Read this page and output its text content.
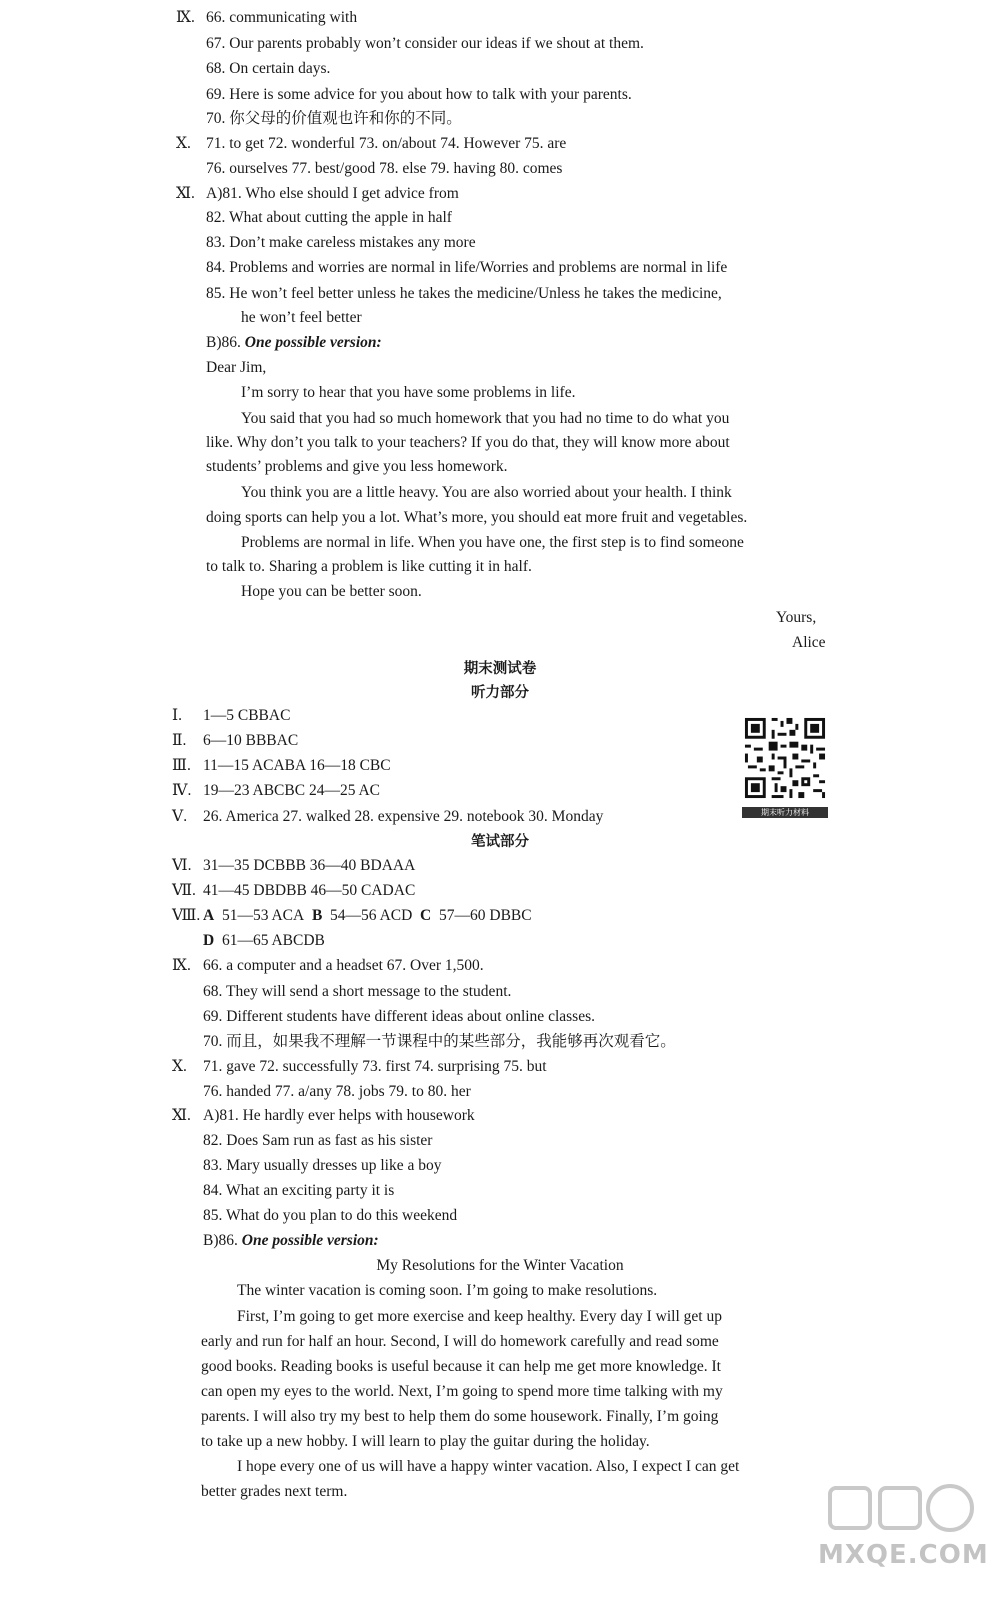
Ⅸ. 66. communicating with
67. Our parents probably won’t consider our ideas if we shout at them.
68. On certain days.
69. Here is some advice for you about how to talk with your parents.
70. 你父母的价值观也许和你的不同。
Ⅹ. 71. to get 72. wonderful 73. on/about 74. However 75. are
76. ourselves 77. best/good 78. else 79. having 80. comes
Ⅺ. A)81. Who else should I get advice from
82. What about cutting the apple in half
83. Don’t make careless mistakes any more
84. Problems and worries are normal in life/Worries and problems are normal in life
85. He won’t feel better unless he takes the medicine/Unless he takes the medicine,
he won’t feel better
B)86. One possible version:
Dear Jim,
I’m sorry to hear that you have some problems in life.
You said that you had so much homework that you had no time to do what you
like. Why don’t you talk to your teachers? If you do that, they will know more about
students’ problems and give you less homework.
You think you are a little heavy. You are also worried about your health. I think
doing sports can help you a lot. What’s more, you should eat more fruit and vegetables.
Problems are normal in life. When you have one, the first step is to find someone
to talk to. Sharing a problem is like cutting it in half.
Hope you can be better soon.
Yours,
Alice
期末测试卷
听力部分
Ⅰ. 1—5 CBBAC
Ⅱ. 6—10 BBBAC
Ⅲ. 11—15 ACABA 16—18 CBC
Ⅳ. 19—23 ABCBC 24—25 AC
Ⅴ. 26. America 27. walked 28. expensive 29. notebook 30. Monday	期末听力材料
笔试部分
Ⅵ. 31—35 DCBBB 36—40 BDAAA
Ⅶ. 41—45 DBDBB 46—50 CADAC
Ⅷ. A 51—53 ACA B 54—56 ACD C 57—60 DBBC
D 61—65 ABCDB
Ⅸ. 66. a computer and a headset 67. Over 1,500.
68. They will send a short message to the student.
69. Different students have different ideas about online classes.
70. 而且，如果我不理解一节课程中的某些部分，我能够再次观看它。
Ⅹ. 71. gave 72. successfully 73. first 74. surprising 75. but
76. handed 77. a/any 78. jobs 79. to 80. her
Ⅺ. A)81. He hardly ever helps with housework
82. Does Sam run as fast as his sister
83. Mary usually dresses up like a boy
84. What an exciting party it is
85. What do you plan to do this weekend
B)86. One possible version:
My Resolutions for the Winter Vacation
The winter vacation is coming soon. I’m going to make resolutions.
First, I’m going to get more exercise and keep healthy. Every day I will get up
early and run for half an hour. Second, I will do homework carefully and read some
good books. Reading books is useful because it can help me get more knowledge. It
can open my eyes to the world. Next, I’m going to spend more time talking with my
parents. I will also try my best to help them do some housework. Finally, I’m going
to take up a new hobby. I will learn to play the guitar during the holiday.
I hope every one of us will have a happy winter vacation. Also, I expect I can get
better grades next term.
MXQE.COM
